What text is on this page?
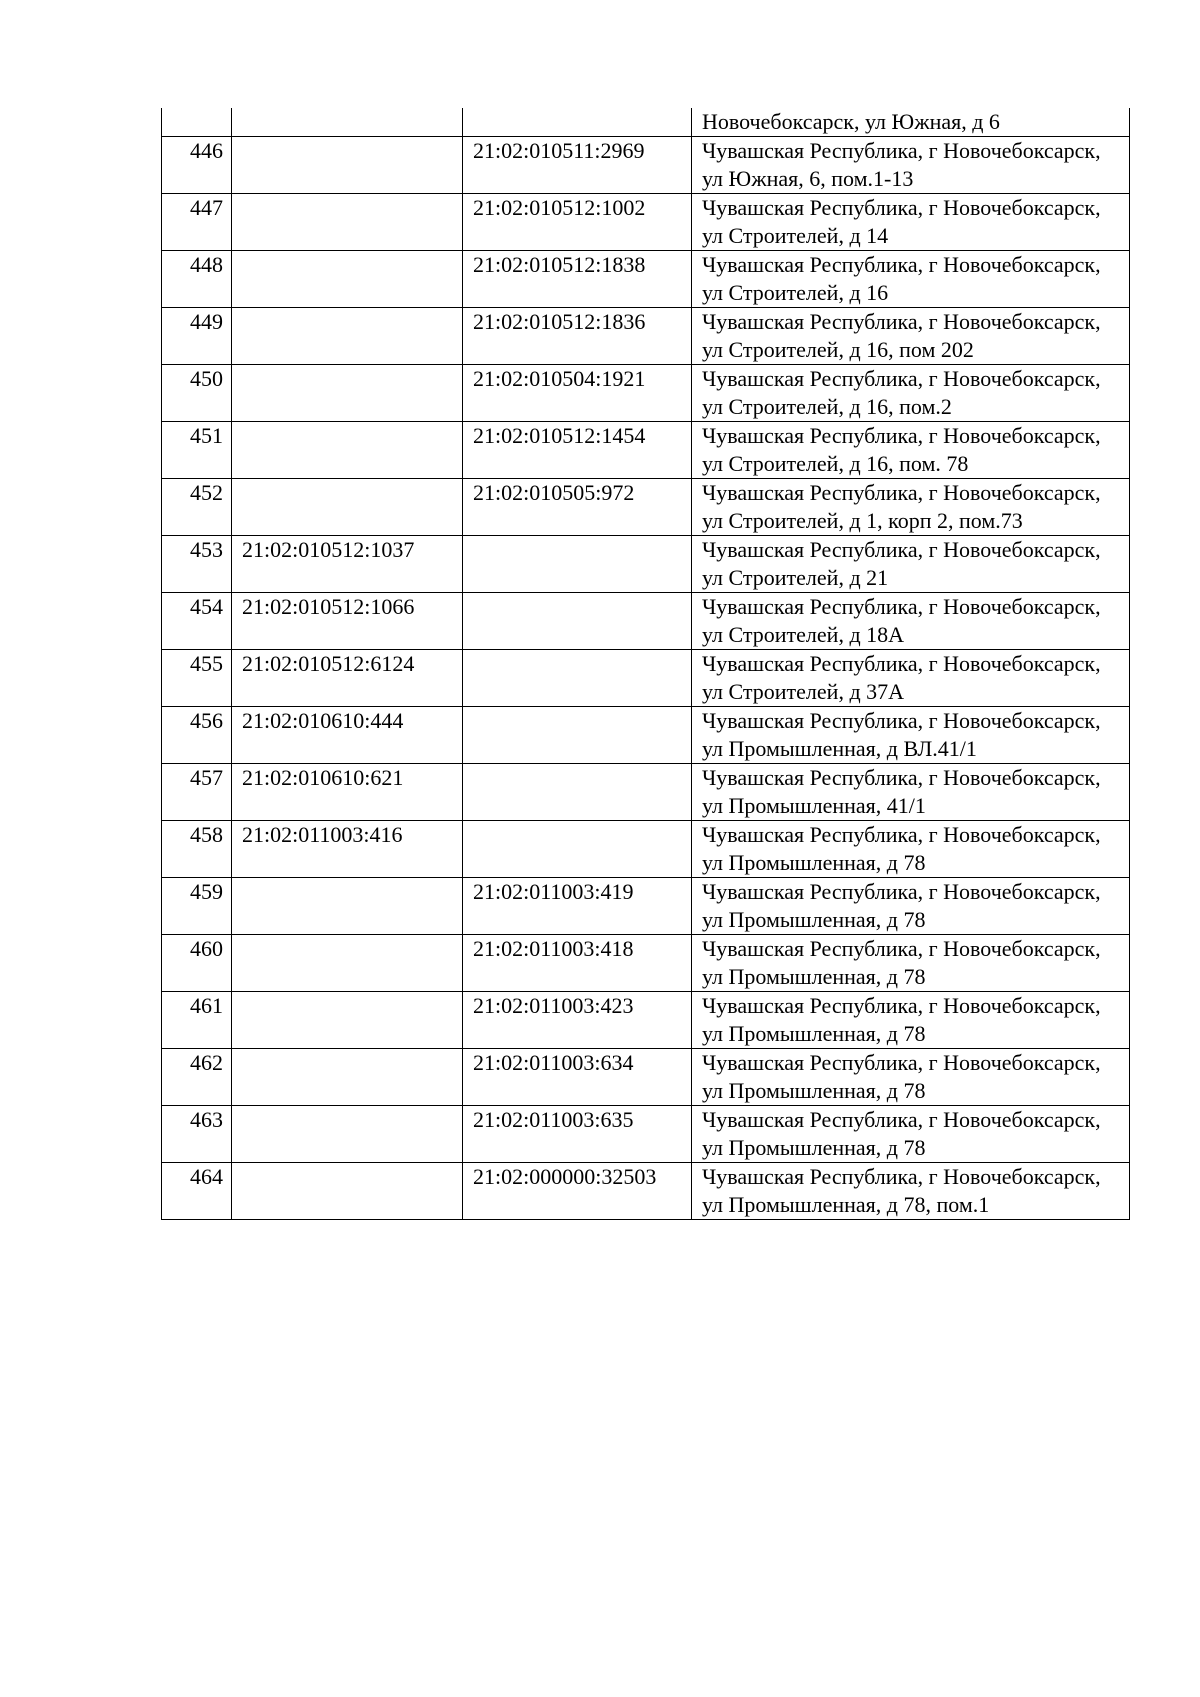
			Новочебоксарск, ул Южная, д 6
446		21:02:010511:2969	Чувашская Республика, г Новочебоксарск, ул Южная, 6, пом.1-13
447		21:02:010512:1002	Чувашская Республика, г Новочебоксарск, ул Строителей, д 14
448		21:02:010512:1838	Чувашская Республика, г Новочебоксарск, ул Строителей, д 16
449		21:02:010512:1836	Чувашская Республика, г Новочебоксарск, ул Строителей, д 16, пом 202
450		21:02:010504:1921	Чувашская Республика, г Новочебоксарск, ул Строителей, д 16, пом.2
451		21:02:010512:1454	Чувашская Республика, г Новочебоксарск, ул Строителей, д 16, пом. 78
452		21:02:010505:972	Чувашская Республика, г Новочебоксарск, ул Строителей, д 1, корп 2, пом.73
453	21:02:010512:1037		Чувашская Республика, г Новочебоксарск, ул Строителей, д 21
454	21:02:010512:1066		Чувашская Республика, г Новочебоксарск, ул Строителей, д 18А
455	21:02:010512:6124		Чувашская Республика, г Новочебоксарск, ул Строителей, д 37А
456	21:02:010610:444		Чувашская Республика, г Новочебоксарск, ул Промышленная, д ВЛ.41/1
457	21:02:010610:621		Чувашская Республика, г Новочебоксарск, ул Промышленная, 41/1
458	21:02:011003:416		Чувашская Республика, г Новочебоксарск, ул Промышленная, д 78
459		21:02:011003:419	Чувашская Республика, г Новочебоксарск, ул Промышленная, д 78
460		21:02:011003:418	Чувашская Республика, г Новочебоксарск, ул Промышленная, д 78
461		21:02:011003:423	Чувашская Республика, г Новочебоксарск, ул Промышленная, д 78
462		21:02:011003:634	Чувашская Республика, г Новочебоксарск, ул Промышленная, д 78
463		21:02:011003:635	Чувашская Республика, г Новочебоксарск, ул Промышленная, д 78
464		21:02:000000:32503	Чувашская Республика, г Новочебоксарск, ул Промышленная, д 78, пом.1
